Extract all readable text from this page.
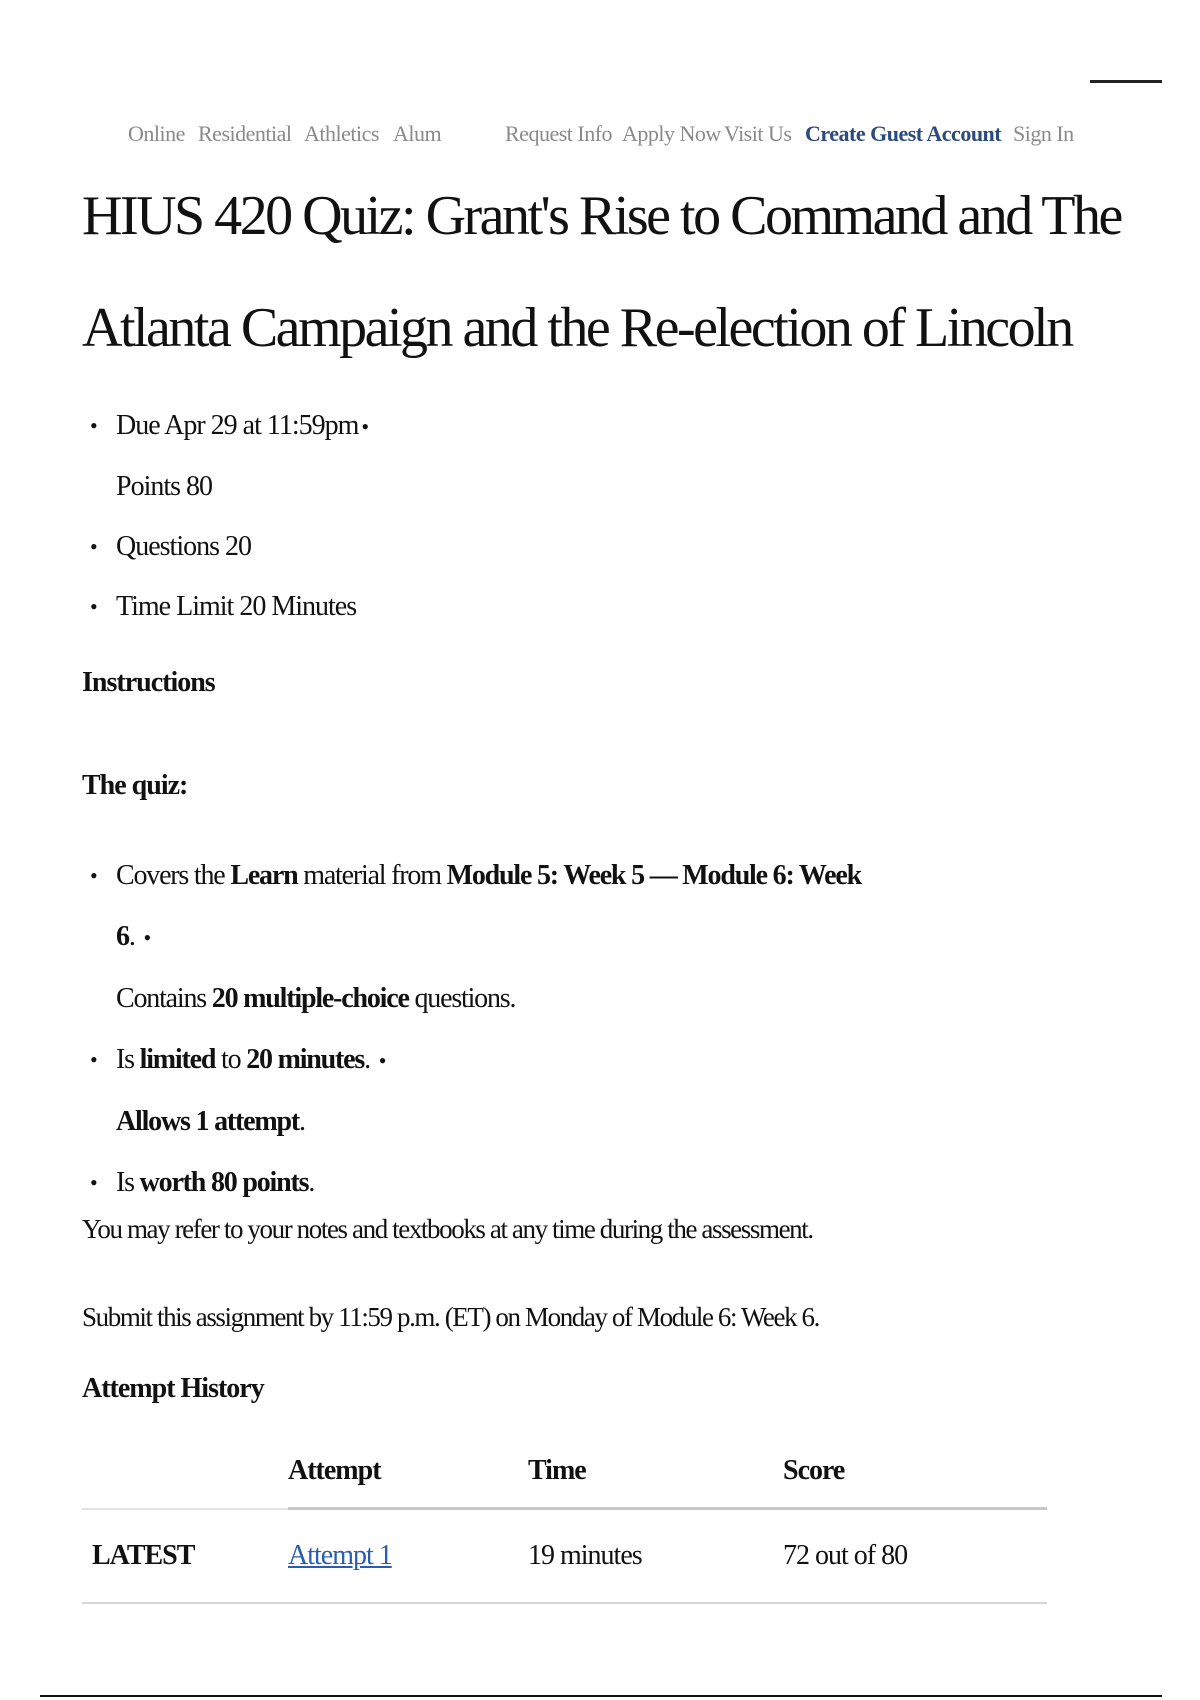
Online Residential Athletics Alum	Request Info Apply Now Visit Us Create Guest Account Sign In
HIUS 420 Quiz: Grant's Rise to Command and The Atlanta Campaign and the Re-election of Lincoln
• Due Apr 29 at 11:59pm •
Points 80
• Questions 20
• Time Limit 20 Minutes
Instructions
The quiz:
• Covers the Learn material from Module 5: Week 5 — Module 6: Week 6. •
Contains 20 multiple-choice questions.
• Is limited to 20 minutes. •
Allows 1 attempt.
• Is worth 80 points.

You may refer to your notes and textbooks at any time during the assessment. Submit this assignment by 11:59 p.m. (ET) on Monday of Module 6: Week 6.

Attempt History
	Attempt	Time	Score
LATEST	Attempt 1	19 minutes	72 out of 80
